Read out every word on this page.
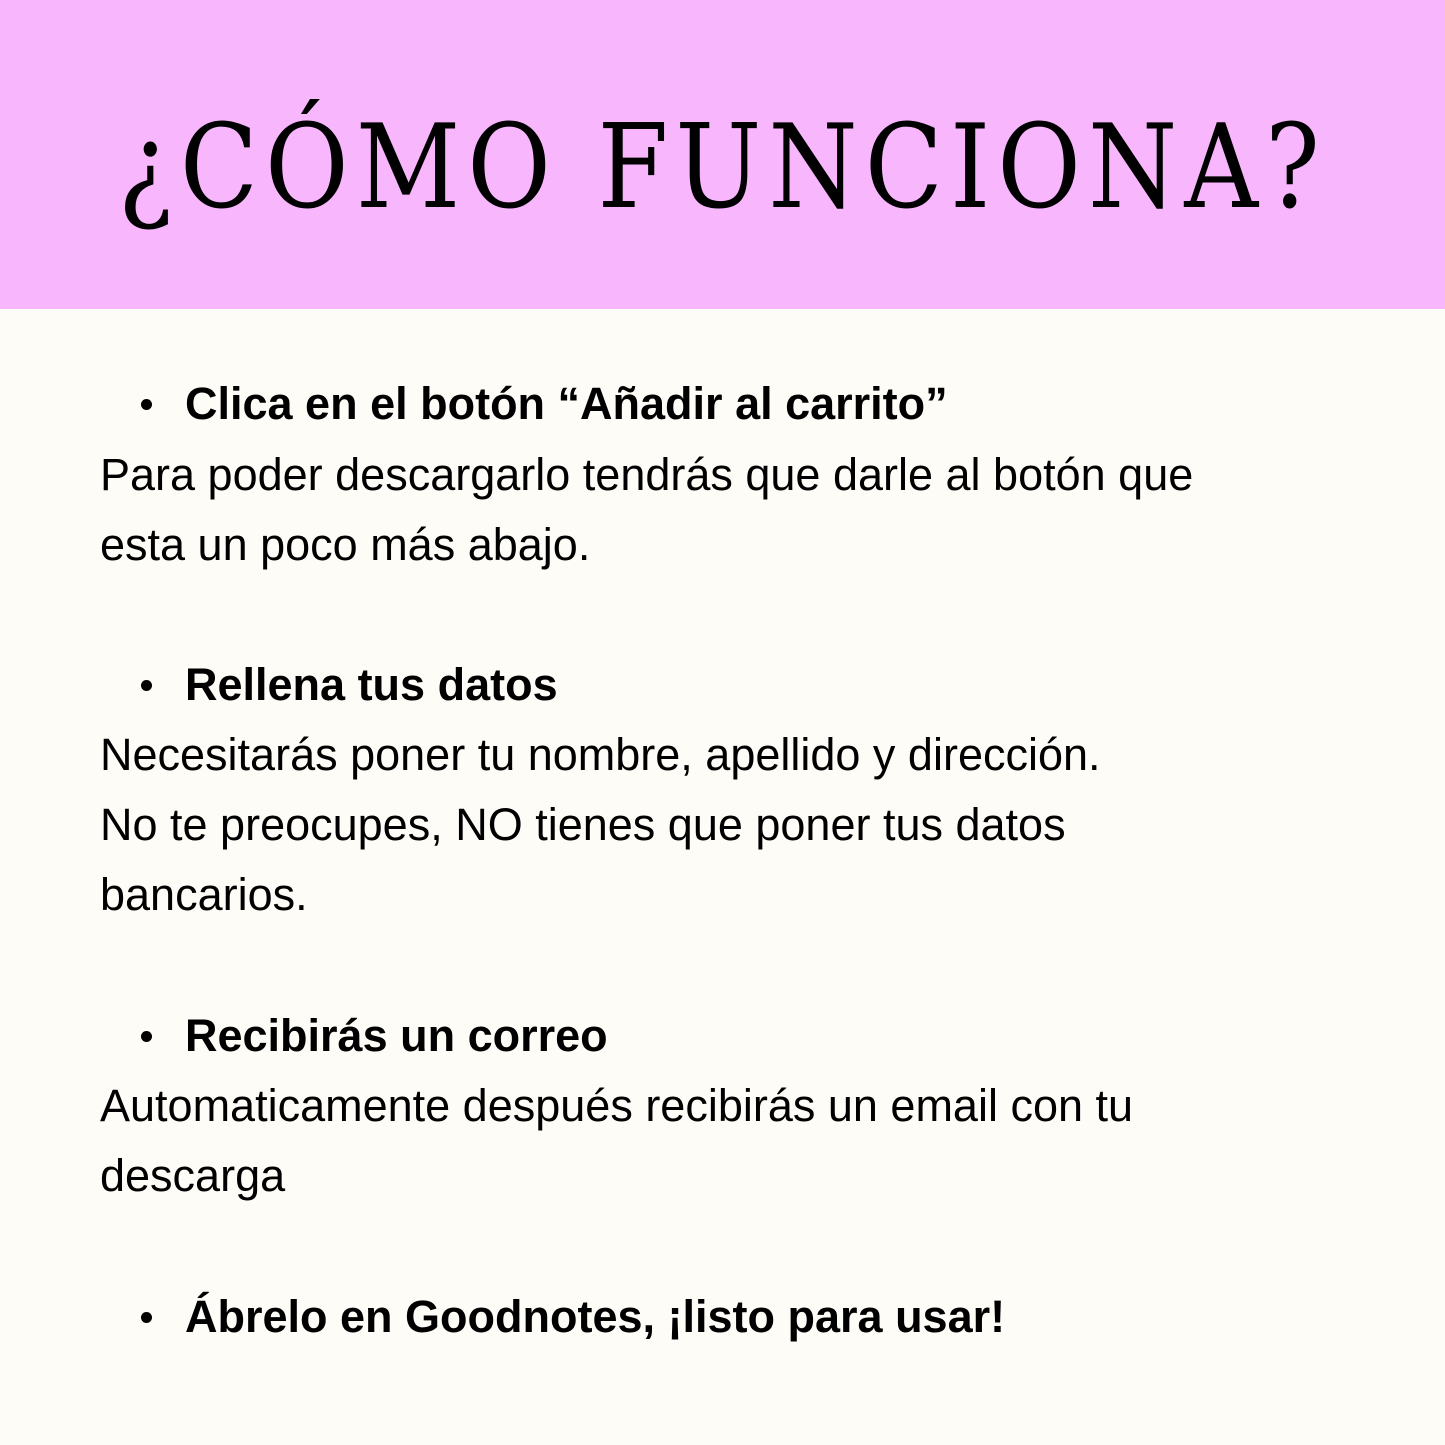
¿CÓMO FUNCIONA?
Clica en el botón “Añadir al carrito”
Para poder descargarlo tendrás que darle al botón que
esta un poco más abajo.
Rellena tus datos
Necesitarás poner tu nombre, apellido y dirección.
No te preocupes, NO tienes que poner tus datos
bancarios.
Recibirás un correo
Automaticamente después recibirás un email con tu
descarga
Ábrelo en Goodnotes, ¡listo para usar!
